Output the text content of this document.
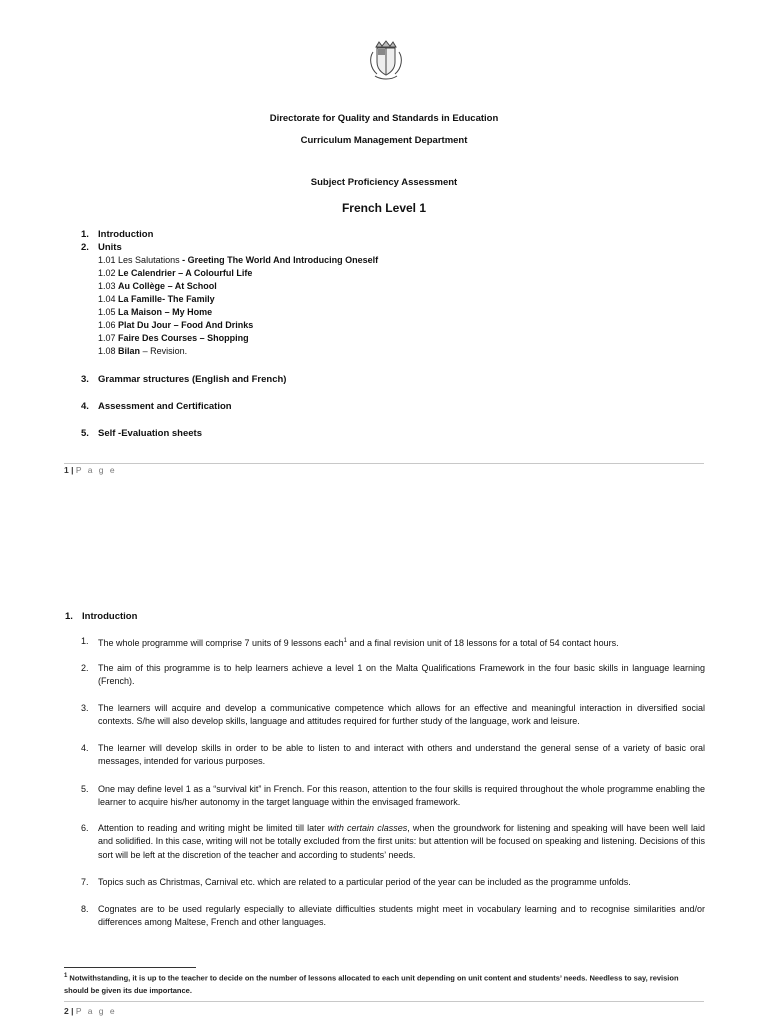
Directorate for Quality and Standards in Education
Curriculum Management Department
Subject Proficiency Assessment
French Level 1
1. Introduction
2. Units
1.01 Les Salutations - Greeting The World And Introducing Oneself
1.02 Le Calendrier – A Colourful Life
1.03 Au Collège – At School
1.04 La Famille- The Family
1.05 La Maison – My Home
1.06 Plat Du Jour – Food And Drinks
1.07 Faire Des Courses – Shopping
1.08 Bilan – Revision.
3. Grammar structures (English and French)
4. Assessment and Certification
5. Self -Evaluation sheets
1 | P a g e
1. Introduction
1. The whole programme will comprise 7 units of 9 lessons each$^1$ and a final revision unit of 18 lessons for a total of 54 contact hours.
2. The aim of this programme is to help learners achieve a level 1 on the Malta Qualifications Framework in the four basic skills in language learning (French).
3. The learners will acquire and develop a communicative competence which allows for an effective and meaningful interaction in diversified social contexts. S/he will also develop skills, language and attitudes required for further study of the language, work and leisure.
4. The learner will develop skills in order to be able to listen to and interact with others and understand the general sense of a variety of basic oral messages, intended for various purposes.
5. One may define level 1 as a “survival kit” in French. For this reason, attention to the four skills is required throughout the whole programme enabling the learner to acquire his/her autonomy in the target language within the envisaged framework.
6. Attention to reading and writing might be limited till later with certain classes, when the groundwork for listening and speaking will have been well laid and solidified. In this case, writing will not be totally excluded from the first units: but attention will be focused on speaking and listening. Decisions of this sort will be left at the discretion of the teacher and according to students’ needs.
7. Topics such as Christmas, Carnival etc. which are related to a particular period of the year can be included as the programme unfolds.
8. Cognates are to be used regularly especially to alleviate difficulties students might meet in vocabulary learning and to recognise similarities and/or differences among Maltese, French and other languages.
$^1$ Notwithstanding, it is up to the teacher to decide on the number of lessons allocated to each unit depending on unit content and students’ needs. Needless to say, revision should be given its due importance.
2 | P a g e
